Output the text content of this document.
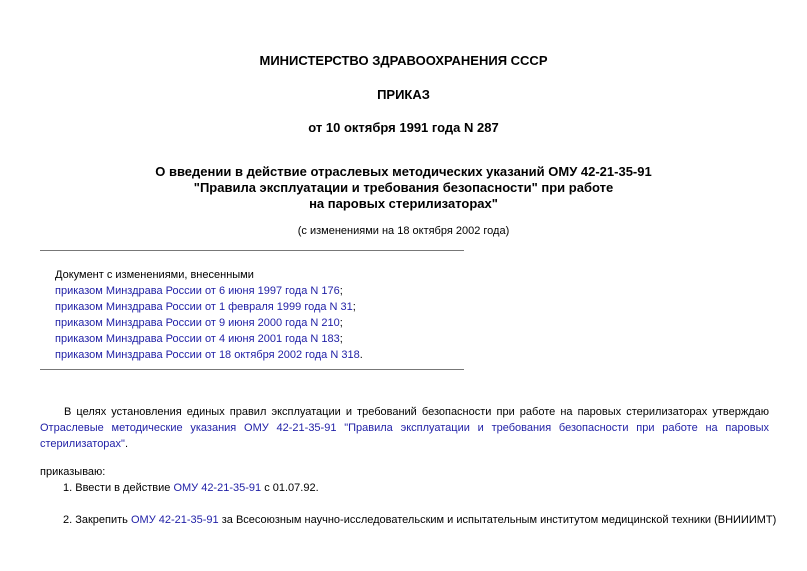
МИНИСТЕРСТВО ЗДРАВООХРАНЕНИЯ СССР
ПРИКАЗ
от 10 октября 1991 года N 287
О введении в действие отраслевых методических указаний ОМУ 42-21-35-91
"Правила эксплуатации и требования безопасности" при работе
на паровых стерилизаторах"
(с изменениями на 18 октября 2002 года)
Документ с изменениями, внесенными
приказом Минздрава России от 6 июня 1997 года N 176;
приказом Минздрава России от 1 февраля 1999 года N 31;
приказом Минздрава России от 9 июня 2000 года N 210;
приказом Минздрава России от 4 июня 2001 года N 183;
приказом Минздрава России от 18 октября 2002 года N 318.
В целях установления единых правил эксплуатации и требований безопасности при работе на паровых стерилизаторах утверждаю Отраслевые методические указания ОМУ 42-21-35-91 "Правила эксплуатации и требования безопасности при работе на паровых стерилизаторах".
приказываю:
1. Ввести в действие ОМУ 42-21-35-91 с 01.07.92.
2. Закрепить ОМУ 42-21-35-91 за Всесоюзным научно-исследовательским и испытательным институтом медицинской техники (ВНИИИМТ)
